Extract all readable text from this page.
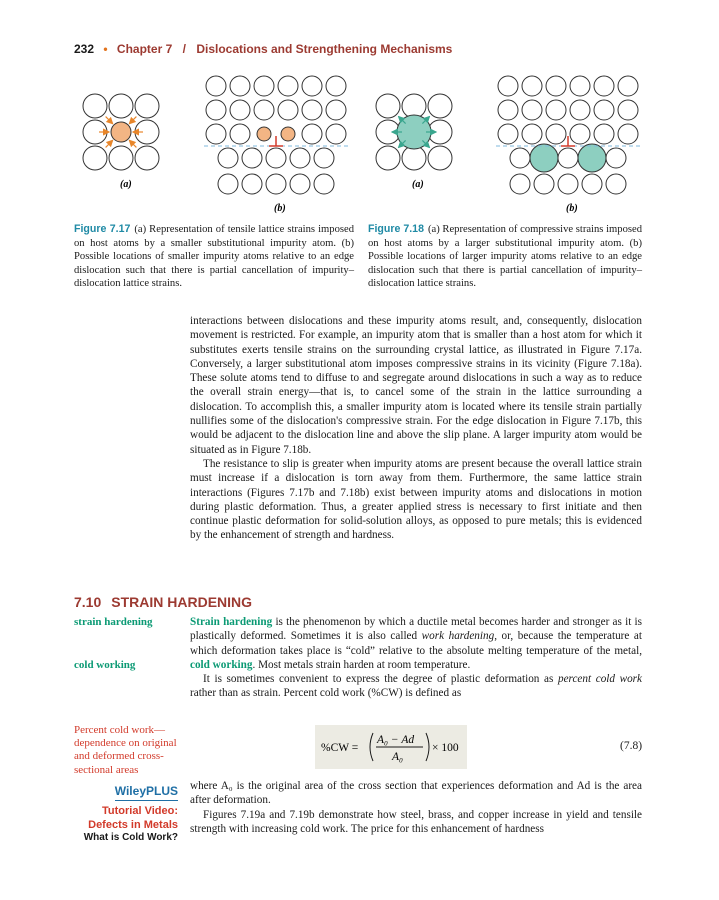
232 • Chapter 7 / Dislocations and Strengthening Mechanisms
(a)
(b)
(a)
(b)
Figure 7.17 (a) Representation of tensile lattice strains imposed on host atoms by a smaller substitutional impurity atom. (b) Possible locations of smaller impurity atoms relative to an edge dislocation such that there is partial cancellation of impurity–dislocation lattice strains.
Figure 7.18 (a) Representation of compressive strains imposed on host atoms by a larger substitutional impurity atom. (b) Possible locations of larger impurity atoms relative to an edge dislocation such that there is partial cancellation of impurity–dislocation lattice strains.

interactions between dislocations and these impurity atoms result, and, consequently, dislocation movement is restricted. For example, an impurity atom that is smaller than a host atom for which it substitutes exerts tensile strains on the surrounding crystal lattice, as illustrated in Figure 7.17a. Conversely, a larger substitutional atom imposes compressive strains in its vicinity (Figure 7.18a). These solute atoms tend to diffuse to and segregate around dislocations in such a way as to reduce the overall strain energy—that is, to cancel some of the strain in the lattice surrounding a dislocation. To accomplish this, a smaller impurity atom is located where its tensile strain partially nullifies some of the dislocation's compressive strain. For the edge dislocation in Figure 7.17b, this would be adjacent to the dislocation line and above the slip plane. A larger impurity atom would be situated as in Figure 7.18b.

The resistance to slip is greater when impurity atoms are present because the overall lattice strain must increase if a dislocation is torn away from them. Furthermore, the same lattice strain interactions (Figures 7.17b and 7.18b) exist between impurity atoms and dislocations in motion during plastic deformation. Thus, a greater applied stress is necessary to first initiate and then continue plastic deformation for solid-solution alloys, as opposed to pure metals; this is evidenced by the enhancement of strength and hardness.

7.10 STRAIN HARDENING
strain hardening
cold working
Percent cold work—dependence on original and deformed cross-sectional areas

Strain hardening is the phenomenon by which a ductile metal becomes harder and stronger as it is plastically deformed. Sometimes it is also called work hardening, or, because the temperature at which deformation takes place is “cold” relative to the absolute melting temperature of the metal, cold working. Most metals strain harden at room temperature.

It is sometimes convenient to express the degree of plastic deformation as percent cold work rather than as strain. Percent cold work (%CW) is defined as

%CW =
A₀ − Ad
A₀
× 100	(7.8)

where A₀ is the original area of the cross section that experiences deformation and Ad is the area after deformation.

Figures 7.19a and 7.19b demonstrate how steel, brass, and copper increase in yield and tensile strength with increasing cold work. The price for this enhancement of hardness

WileyPLUS
Tutorial Video:
Defects in Metals
What is Cold Work?
